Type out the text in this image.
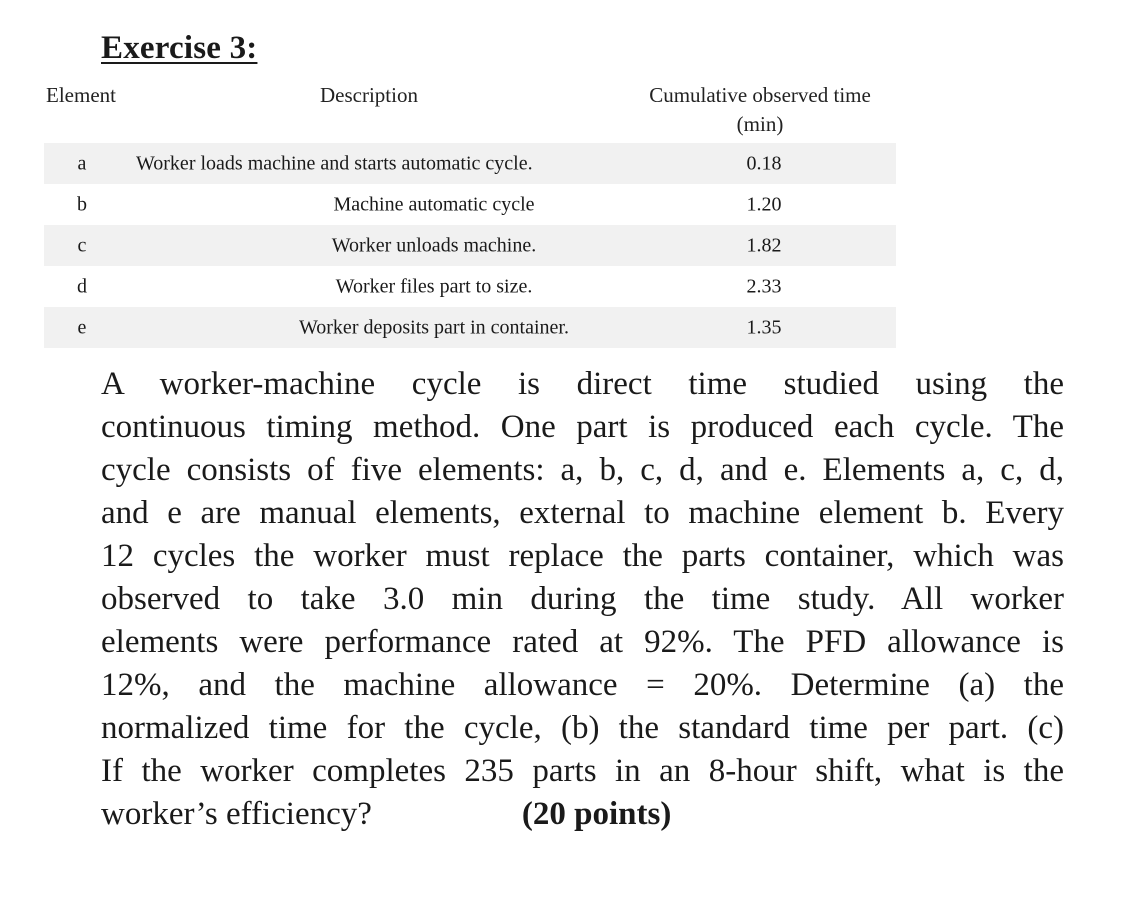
Exercise 3:
Element	Description	Cumulative observed time
(min)
a Worker loads machine and starts automatic cycle.	0.18
b	Machine automatic cycle	1.20
c	Worker unloads machine.	1.82
d	Worker files part to size.	2.33
e	Worker deposits part in container.	1.35
A worker-machine cycle is direct time studied using the
continuous timing method. One part is produced each cycle. The
cycle consists of five elements: a, b, c, d, and e. Elements a, c, d,
and e are manual elements, external to machine element b. Every
12 cycles the worker must replace the parts container, which was
observed to take 3.0 min during the time study. All worker
elements were performance rated at 92%. The PFD allowance is
12%, and the machine allowance = 20%. Determine (a) the
normalized time for the cycle, (b) the standard time per part. (c)
If the worker completes 235 parts in an 8-hour shift, what is the
worker’s efficiency?	(20 points)
